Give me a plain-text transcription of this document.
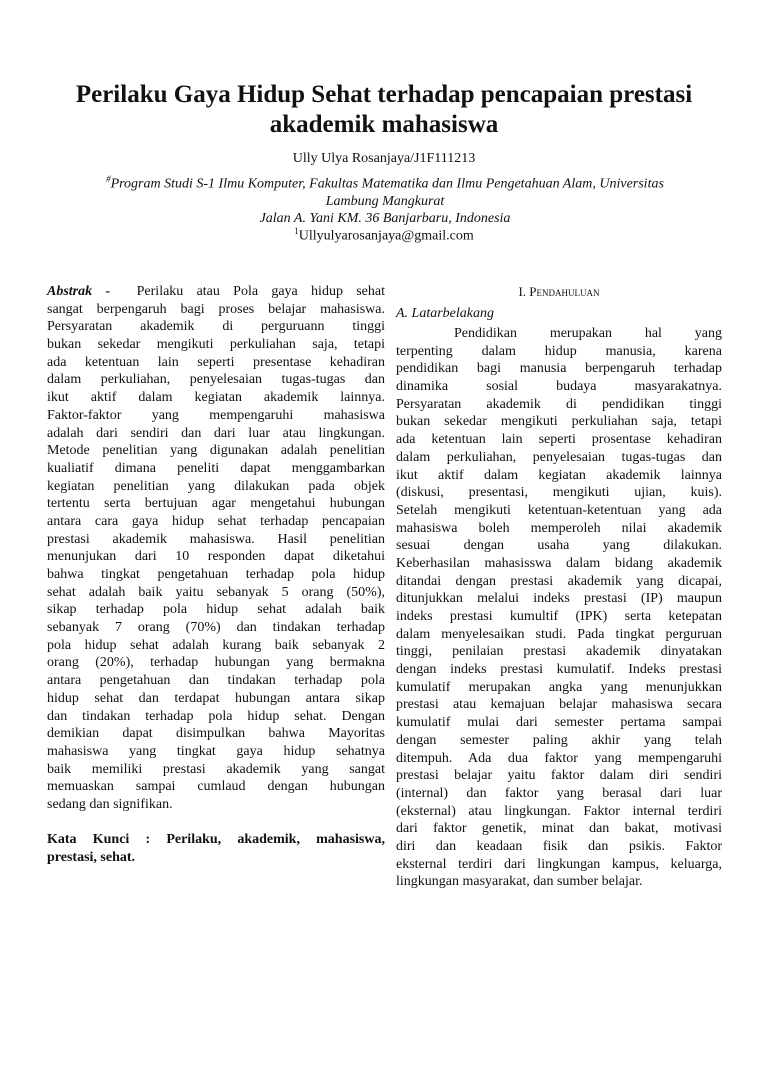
Perilaku Gaya Hidup Sehat terhadap pencapaian prestasi
akademik mahasiswa
Ully Ulya Rosanjaya/J1F111213
#Program Studi S-1 Ilmu Komputer, Fakultas Matematika dan Ilmu Pengetahuan Alam, Universitas
Lambung Mangkurat
Jalan A. Yani KM. 36 Banjarbaru, Indonesia
$^1$Ullyulyarosanjaya@gmail.com
Abstrak -  Perilaku atau Pola gaya hidup sehat
sangat berpengaruh bagi proses belajar mahasiswa.
Persyaratan akademik di perguruann tinggi
bukan sekedar mengikuti perkuliahan saja, tetapi
ada ketentuan lain seperti presentase kehadiran
dalam perkuliahan, penyelesaian tugas-tugas dan
ikut aktif dalam kegiatan akademik lainnya.
Faktor-faktor yang mempengaruhi mahasiswa
adalah dari sendiri dan dari luar atau lingkungan.
Metode penelitian yang digunakan adalah penelitian
kualiatif dimana peneliti dapat menggambarkan
kegiatan penelitian yang dilakukan pada objek
tertentu serta bertujuan agar mengetahui hubungan
antara cara gaya hidup sehat terhadap pencapaian
prestasi akademik mahasiswa. Hasil penelitian
menunjukan dari 10 responden dapat diketahui
bahwa tingkat pengetahuan terhadap pola hidup
sehat adalah baik yaitu sebanyak 5 orang (50%),
sikap terhadap pola hidup sehat adalah baik
sebanyak 7 orang (70%) dan tindakan terhadap
pola hidup sehat adalah kurang baik sebanyak 2
orang (20%), terhadap hubungan yang bermakna
antara pengetahuan dan tindakan terhadap pola
hidup sehat dan terdapat hubungan antara sikap
dan tindakan terhadap pola hidup sehat. Dengan
demikian dapat disimpulkan bahwa Mayoritas
mahasiswa yang tingkat gaya hidup sehatnya
baik memiliki prestasi akademik yang sangat
memuaskan sampai cumlaud dengan hubungan
sedang dan signifikan.
Kata Kunci : Perilaku, akademik, mahasiswa,
prestasi, sehat.
I. Pendahuluan
A. Latarbelakang
Pendidikan merupakan hal yang
terpenting dalam hidup manusia, karena
pendidikan bagi manusia berpengaruh terhadap
dinamika sosial budaya masyarakatnya.
Persyaratan akademik di pendidikan tinggi
bukan sekedar mengikuti perkuliahan saja, tetapi
ada ketentuan lain seperti prosentase kehadiran
dalam perkuliahan, penyelesaian tugas-tugas dan
ikut aktif dalam kegiatan akademik lainnya
(diskusi, presentasi, mengikuti ujian, kuis).
Setelah mengikuti ketentuan-ketentuan yang ada
mahasiswa boleh memperoleh nilai akademik
sesuai dengan usaha yang dilakukan.
Keberhasilan mahasisswa dalam bidang akademik
ditandai dengan prestasi akademik yang dicapai,
ditunjukkan melalui indeks prestasi (IP) maupun
indeks prestasi kumultif (IPK) serta ketepatan
dalam menyelesaikan studi. Pada tingkat perguruan
tinggi, penilaian prestasi akademik dinyatakan
dengan indeks prestasi kumulatif. Indeks prestasi
kumulatif merupakan angka yang menunjukkan
prestasi atau kemajuan belajar mahasiswa secara
kumulatif mulai dari semester pertama sampai
dengan semester paling akhir yang telah
ditempuh. Ada dua faktor yang mempengaruhi
prestasi belajar yaitu faktor dalam diri sendiri
(internal) dan faktor yang berasal dari luar
(eksternal) atau lingkungan. Faktor internal terdiri
dari faktor genetik, minat dan bakat, motivasi
diri dan keadaan fisik dan psikis. Faktor
eksternal terdiri dari lingkungan kampus, keluarga,
lingkungan masyarakat, dan sumber belajar.
